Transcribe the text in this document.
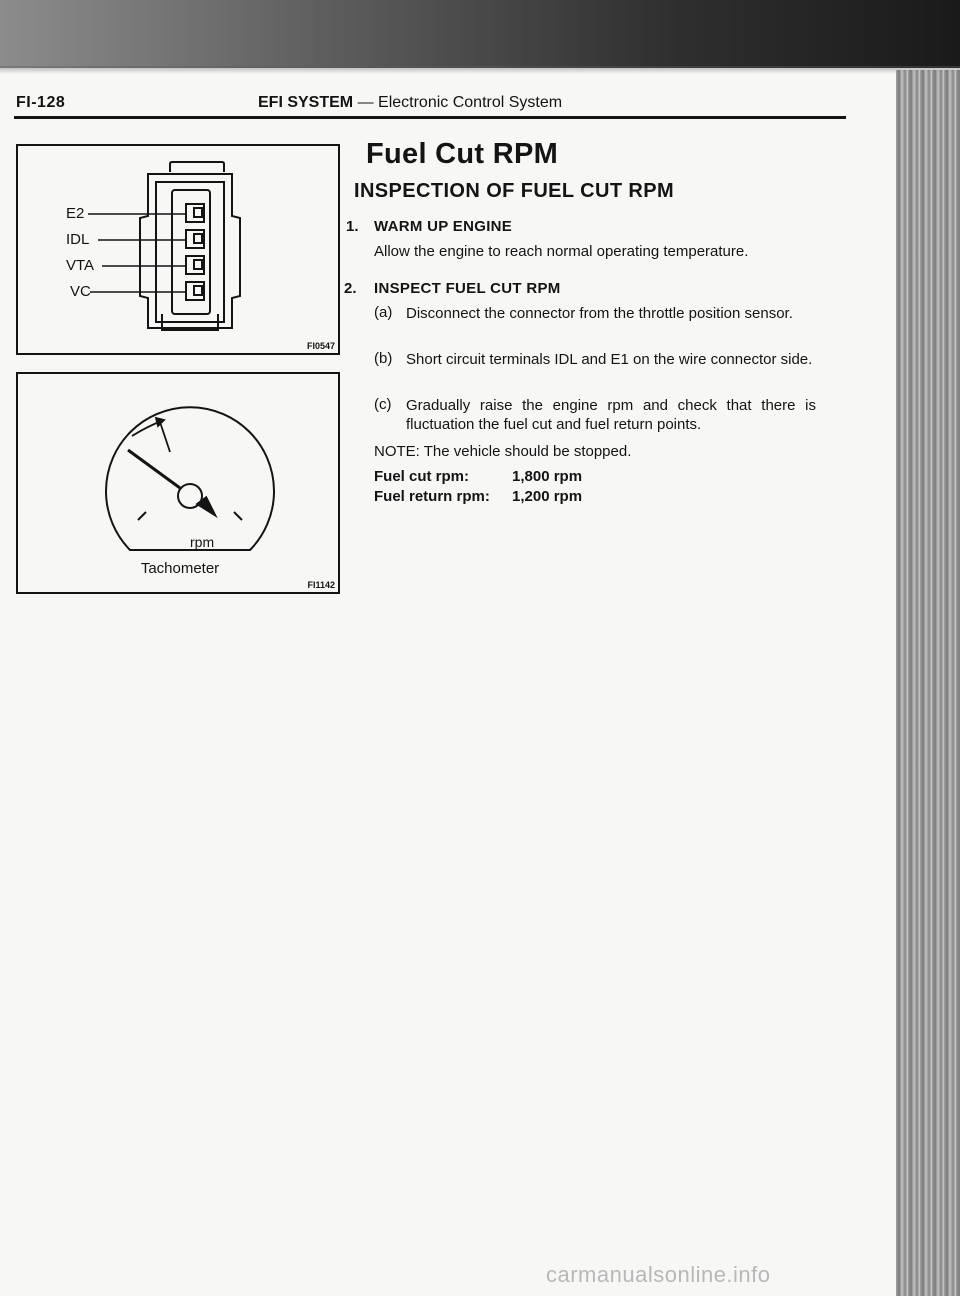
FI-128	EFI SYSTEM — Electronic Control System
E2
IDL
VTA
VC
FI0547
rpm
Tachometer
FI1142
Fuel Cut RPM
INSPECTION OF FUEL CUT RPM
1. WARM UP ENGINE
Allow the engine to reach normal operating temperature.
2. INSPECT FUEL CUT RPM
(a) Disconnect the connector from the throttle position sensor.
(b) Short circuit terminals IDL and E1 on the wire connector side.
(c) Gradually raise the engine rpm and check that there is fluctuation the fuel cut and fuel return points.
NOTE: The vehicle should be stopped.
Fuel cut rpm:	1,800 rpm
Fuel return rpm: 1,200 rpm
carmanualsonline.info
